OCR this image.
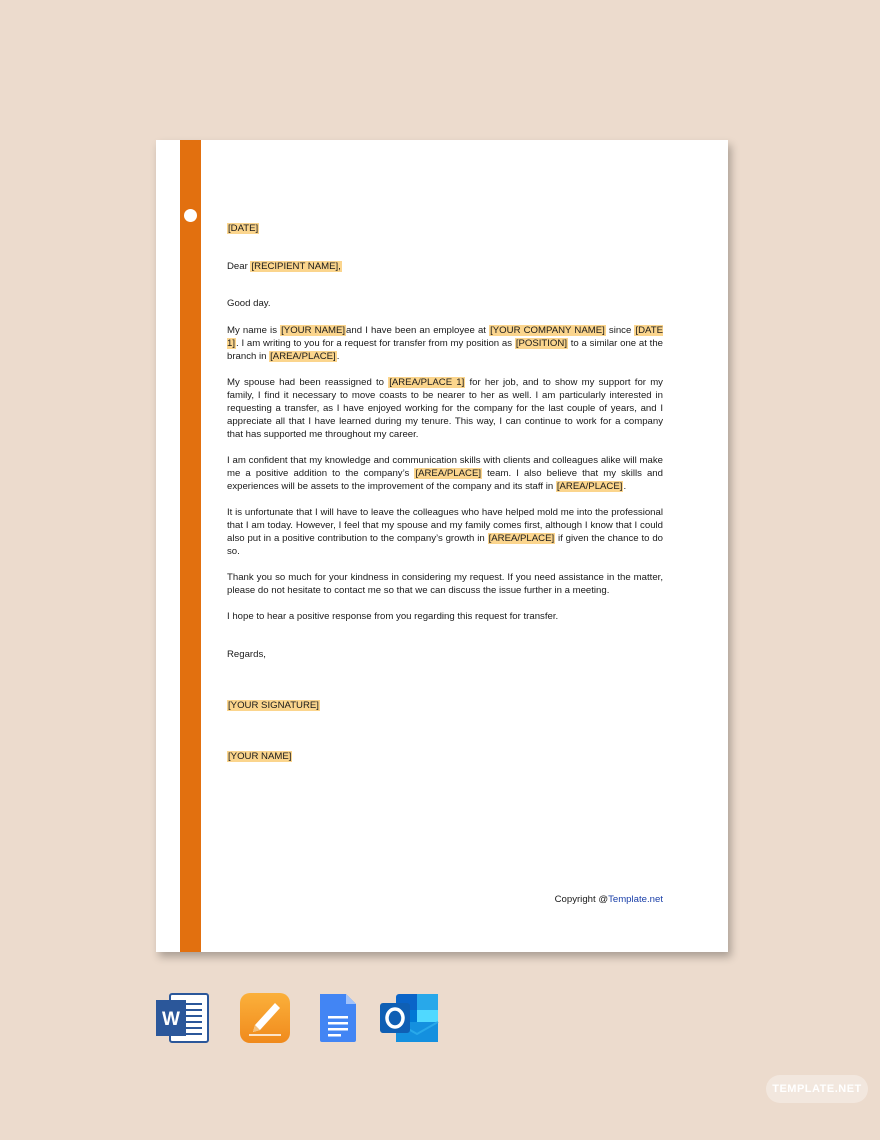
[DATE]

Dear [RECIPIENT NAME],

Good day.

My name is [YOUR NAME]and I have been an employee at [YOUR COMPANY NAME] since [DATE 1]. I am writing to you for a request for transfer from my position as [POSITION] to a similar one at the branch in [AREA/PLACE].

My spouse had been reassigned to [AREA/PLACE 1] for her job, and to show my support for my family, I find it necessary to move coasts to be nearer to her as well. I am particularly interested in requesting a transfer, as I have enjoyed working for the company for the last couple of years, and I appreciate all that I have learned during my tenure. This way, I can continue to work for a company that has supported me throughout my career.

I am confident that my knowledge and communication skills with clients and colleagues alike will make me a positive addition to the company’s [AREA/PLACE] team. I also believe that my skills and experiences will be assets to the improvement of the company and its staff in [AREA/PLACE].

It is unfortunate that I will have to leave the colleagues who have helped mold me into the professional that I am today. However, I feel that my spouse and my family comes first, although I know that I could also put in a positive contribution to the company’s growth in [AREA/PLACE] if given the chance to do so.

Thank you so much for your kindness in considering my request. If you need assistance in the matter, please do not hesitate to contact me so that we can discuss the issue further in a meeting.

I hope to hear a positive response from you regarding this request for transfer.

Regards,

[YOUR SIGNATURE]

[YOUR NAME]

Copyright @Template.net
W
TEMPLATE.NET
